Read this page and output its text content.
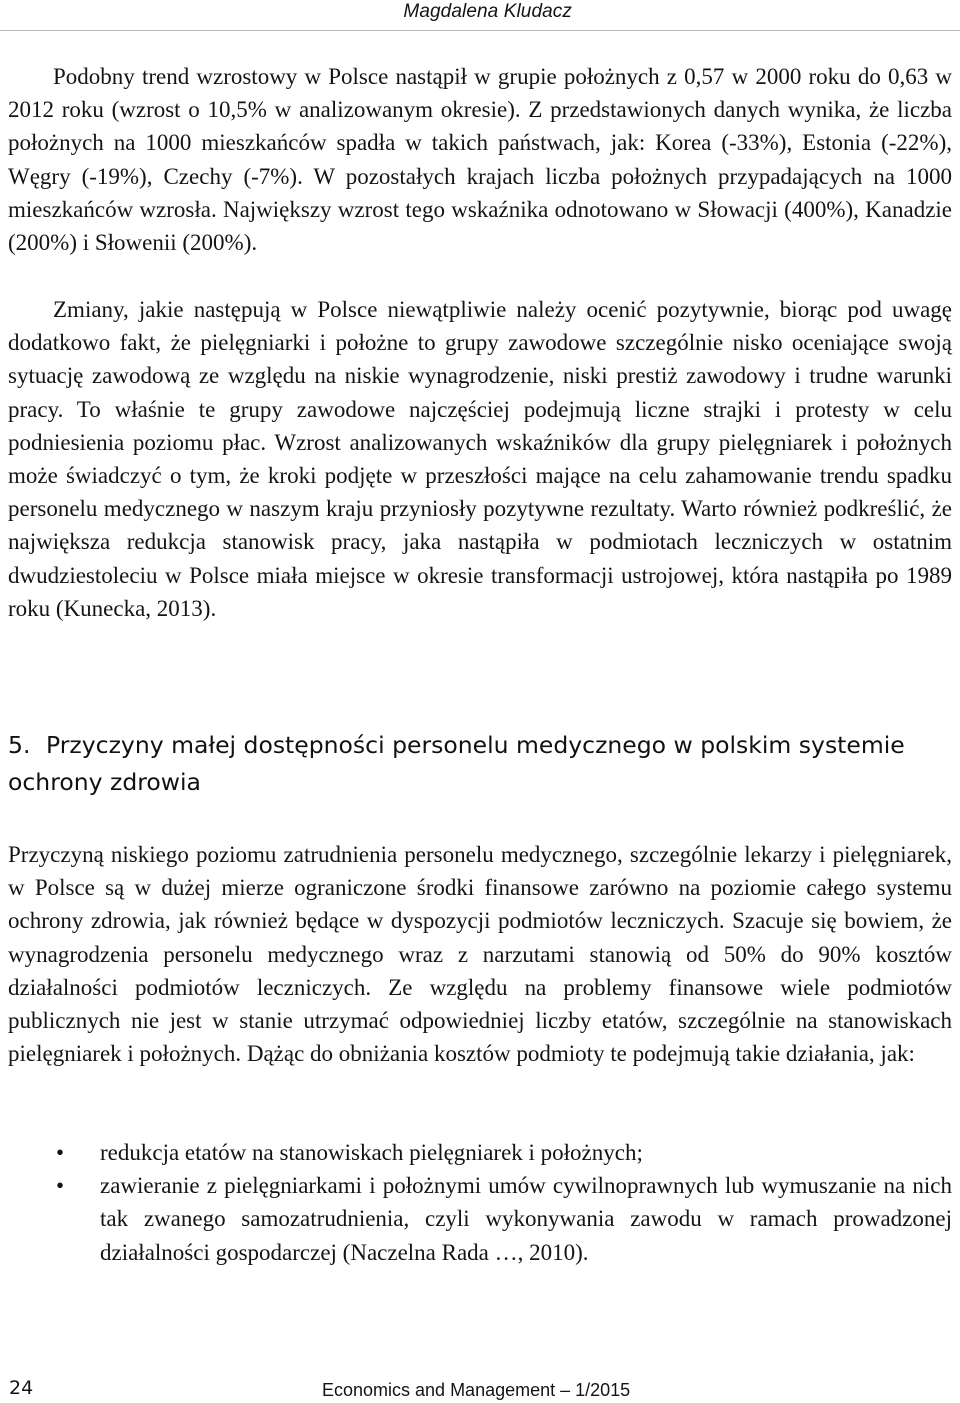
Magdalena Kludacz

Podobny trend wzrostowy w Polsce nastąpił w grupie położnych z 0,57 w 2000 roku do 0,63 w 2012 roku (wzrost o 10,5% w analizowanym okresie). Z przedstawionych danych wynika, że liczba położnych na 1000 mieszkańców spadła w takich państwach, jak: Korea (-33%), Estonia (-22%), Węgry (-19%), Czechy (-7%). W pozostałych krajach liczba położnych przypadających na 1000 mieszkańców wzrosła. Największy wzrost tego wskaźnika odnotowano w Słowacji (400%), Kanadzie (200%) i Słowenii (200%).

Zmiany, jakie następują w Polsce niewątpliwie należy ocenić pozytywnie, biorąc pod uwagę dodatkowo fakt, że pielęgniarki i położne to grupy zawodowe szczególnie nisko oceniające swoją sytuację zawodową ze względu na niskie wynagrodzenie, niski prestiż zawodowy i trudne warunki pracy. To właśnie te grupy zawodowe najczęściej podejmują liczne strajki i protesty w celu podniesienia poziomu płac. Wzrost analizowanych wskaźników dla grupy pielęgniarek i położnych może świadczyć o tym, że kroki podjęte w przeszłości mające na celu zahamowanie trendu spadku personelu medycznego w naszym kraju przyniosły pozytywne rezultaty. Warto również podkreślić, że największa redukcja stanowisk pracy, jaka nastąpiła w podmiotach leczniczych w ostatnim dwudziestoleciu w Polsce miała miejsce w okresie transformacji ustrojowej, która nastąpiła po 1989 roku (Kunecka, 2013).

5. Przyczyny małej dostępności personelu medycznego w polskim systemie ochrony zdrowia

Przyczyną niskiego poziomu zatrudnienia personelu medycznego, szczególnie lekarzy i pielęgniarek, w Polsce są w dużej mierze ograniczone środki finansowe zarówno na poziomie całego systemu ochrony zdrowia, jak również będące w dyspozycji podmiotów leczniczych. Szacuje się bowiem, że wynagrodzenia personelu medycznego wraz z narzutami stanowią od 50% do 90% kosztów działalności podmiotów leczniczych. Ze względu na problemy finansowe wiele podmiotów publicznych nie jest w stanie utrzymać odpowiedniej liczby etatów, szczególnie na stanowiskach pielęgniarek i położnych. Dążąc do obniżania kosztów podmioty te podejmują takie działania, jak:

• redukcja etatów na stanowiskach pielęgniarek i położnych;
• zawieranie z pielęgniarkami i położnymi umów cywilnoprawnych lub wymuszanie na nich tak zwanego samozatrudnienia, czyli wykonywania zawodu w ramach prowadzonej działalności gospodarczej (Naczelna Rada …, 2010).
24	Economics and Management – 1/2015
